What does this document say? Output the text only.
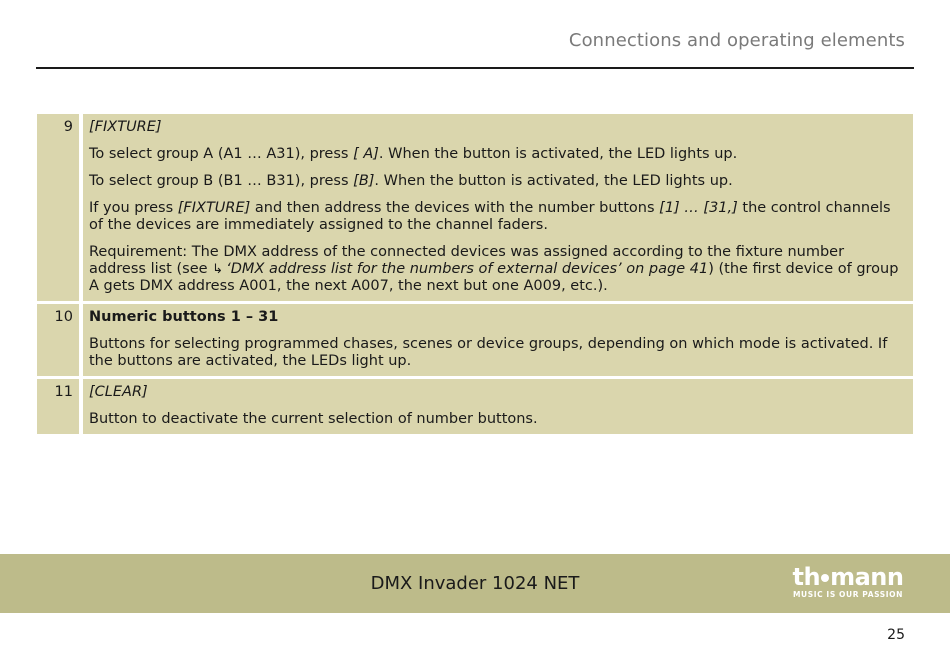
Connections and operating elements
9	[FIXTURE]
To select group A (A1 … A31), press [ A]. When the button is activated, the LED lights up.
To select group B (B1 … B31), press [B]. When the button is activated, the LED lights up.
If you press [FIXTURE] and then address the devices with the number buttons [1] … [31,] the control channels of the devices are immediately assigned to the channel faders.
Requirement: The DMX address of the connected devices was assigned according to the fixture number address list (see ↳ ‘DMX address list for the numbers of external devices’ on page 41) (the first device of group A gets DMX address A001, the next A007, the next but one A009, etc.).

10	Numeric buttons 1 – 31
Buttons for selecting programmed chases, scenes or device groups, depending on which mode is activated. If the buttons are activated, the LEDs light up.

11	[CLEAR]
Button to deactivate the current selection of number buttons.
DMX Invader 1024 NET	th mann
MUSIC IS OUR PASSION
25
